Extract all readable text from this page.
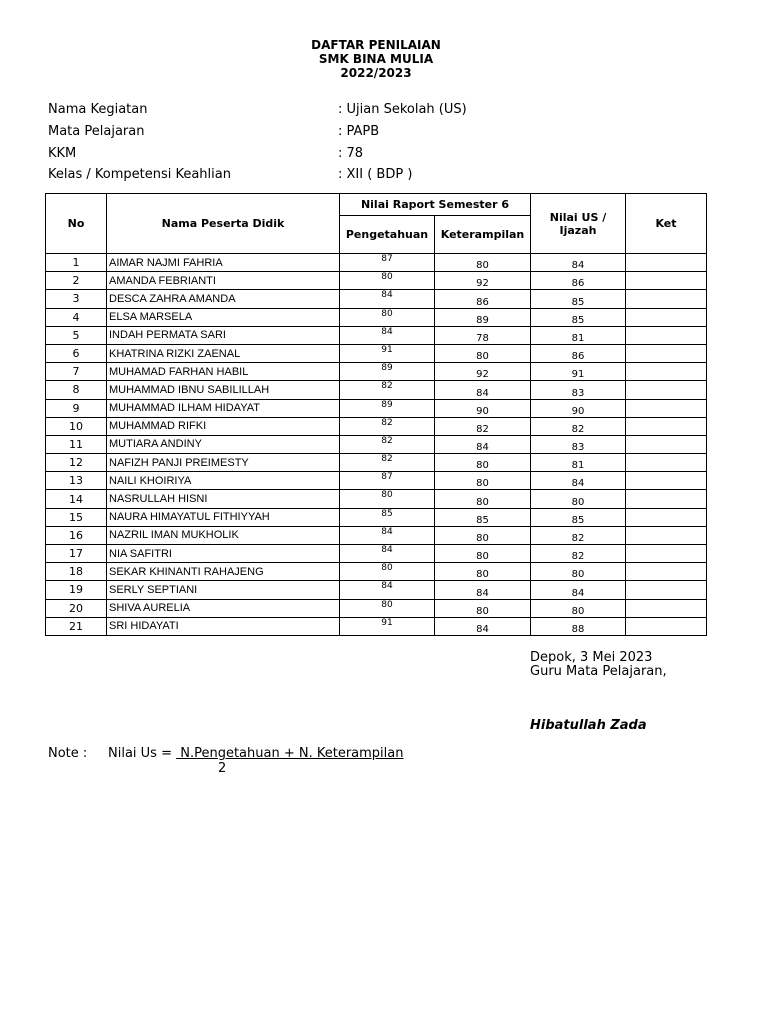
DAFTAR PENILAIAN
SMK BINA MULIA
2022/2023
Nama Kegiatan	: Ujian Sekolah (US)
Mata Pelajaran	: PAPB
KKM	: 78
Kelas / Kompetensi Keahlian	: XII ( BDP )
No	Nama Peserta Didik	Nilai Raport Semester 6		Nilai US / Ijazah	Ket
		Pengetahuan	Keterampilan		
1	AIMAR NAJMI FAHRIA	87	80	84	
2	AMANDA FEBRIANTI	80	92	86	
3	DESCA ZAHRA AMANDA	84	86	85	
4	ELSA MARSELA	80	89	85	
5	INDAH PERMATA SARI	84	78	81	
6	KHATRINA RIZKI ZAENAL	91	80	86	
7	MUHAMAD FARHAN HABIL	89	92	91	
8	MUHAMMAD IBNU SABILILLAH	82	84	83	
9	MUHAMMAD ILHAM HIDAYAT	89	90	90	
10	MUHAMMAD RIFKI	82	82	82	
11	MUTIARA ANDINY	82	84	83	
12	NAFIZH PANJI PREIMESTY	82	80	81	
13	NAILI KHOIRIYA	87	80	84	
14	NASRULLAH HISNI	80	80	80	
15	NAURA HIMAYATUL FITHIYYAH	85	85	85	
16	NAZRIL IMAN MUKHOLIK	84	80	82	
17	NIA SAFITRI	84	80	82	
18	SEKAR KHINANTI RAHAJENG	80	80	80	
19	SERLY SEPTIANI	84	84	84	
20	SHIVA AURELIA	80	80	80	
21	SRI HIDAYATI	91	84	88	
Depok, 3 Mei 2023
Guru Mata Pelajaran,
Hibatullah Zada
Note : Nilai Us =  N.Pengetahuan + N. Keterampilan
2
